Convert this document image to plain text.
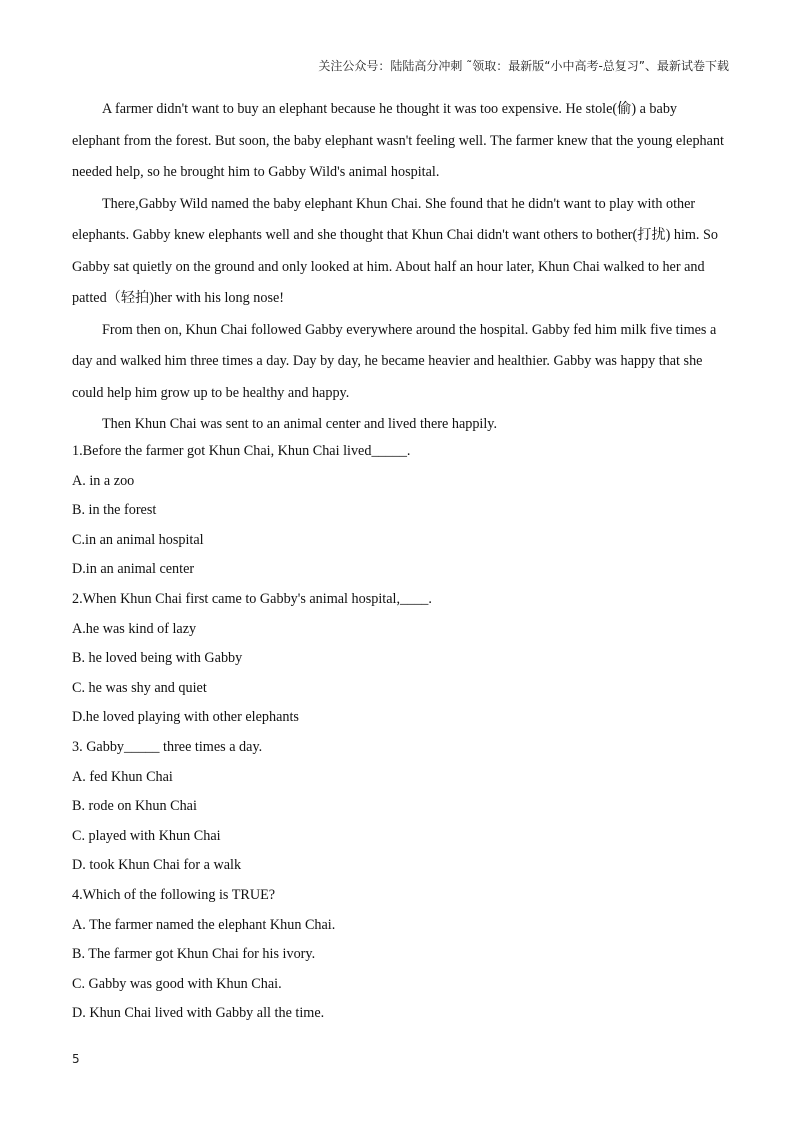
关注公众号：陆陆高分冲刺 ˜领取：最新版“小中高考-总复习”、最新试卷下载

A farmer didn't want to buy an elephant because he thought it was too expensive. He stole(偷) a baby elephant from the forest. But soon, the baby elephant wasn't feeling well. The farmer knew that the young elephant needed help, so he brought him to Gabby Wild's animal hospital.

There,Gabby Wild named the baby elephant Khun Chai. She found that he didn't want to play with other elephants. Gabby knew elephants well and she thought that Khun Chai didn't want others to bother(打扰) him. So Gabby sat quietly on the ground and only looked at him. About half an hour later, Khun Chai walked to her and patted（轻拍)her with his long nose!

From then on, Khun Chai followed Gabby everywhere around the hospital. Gabby fed him milk five times a day and walked him three times a day. Day by day, he became heavier and healthier. Gabby was happy that she could help him grow up to be healthy and happy.

Then Khun Chai was sent to an animal center and lived there happily.

1.Before the farmer got Khun Chai, Khun Chai lived_____.

A. in a zoo

B. in the forest

C.in an animal hospital

D.in an animal center

2.When Khun Chai first came to Gabby's animal hospital,____.

A.he was kind of lazy

B. he loved being with Gabby

C. he was shy and quiet

D.he loved playing with other elephants

3. Gabby_____ three times a day.

A. fed Khun Chai

B. rode on Khun Chai

C. played with Khun Chai

D. took Khun Chai for a walk

4.Which of the following is TRUE?

A. The farmer named the elephant Khun Chai.

B. The farmer got Khun Chai for his ivory.

C. Gabby was good with Khun Chai.

D. Khun Chai lived with Gabby all the time.

5
